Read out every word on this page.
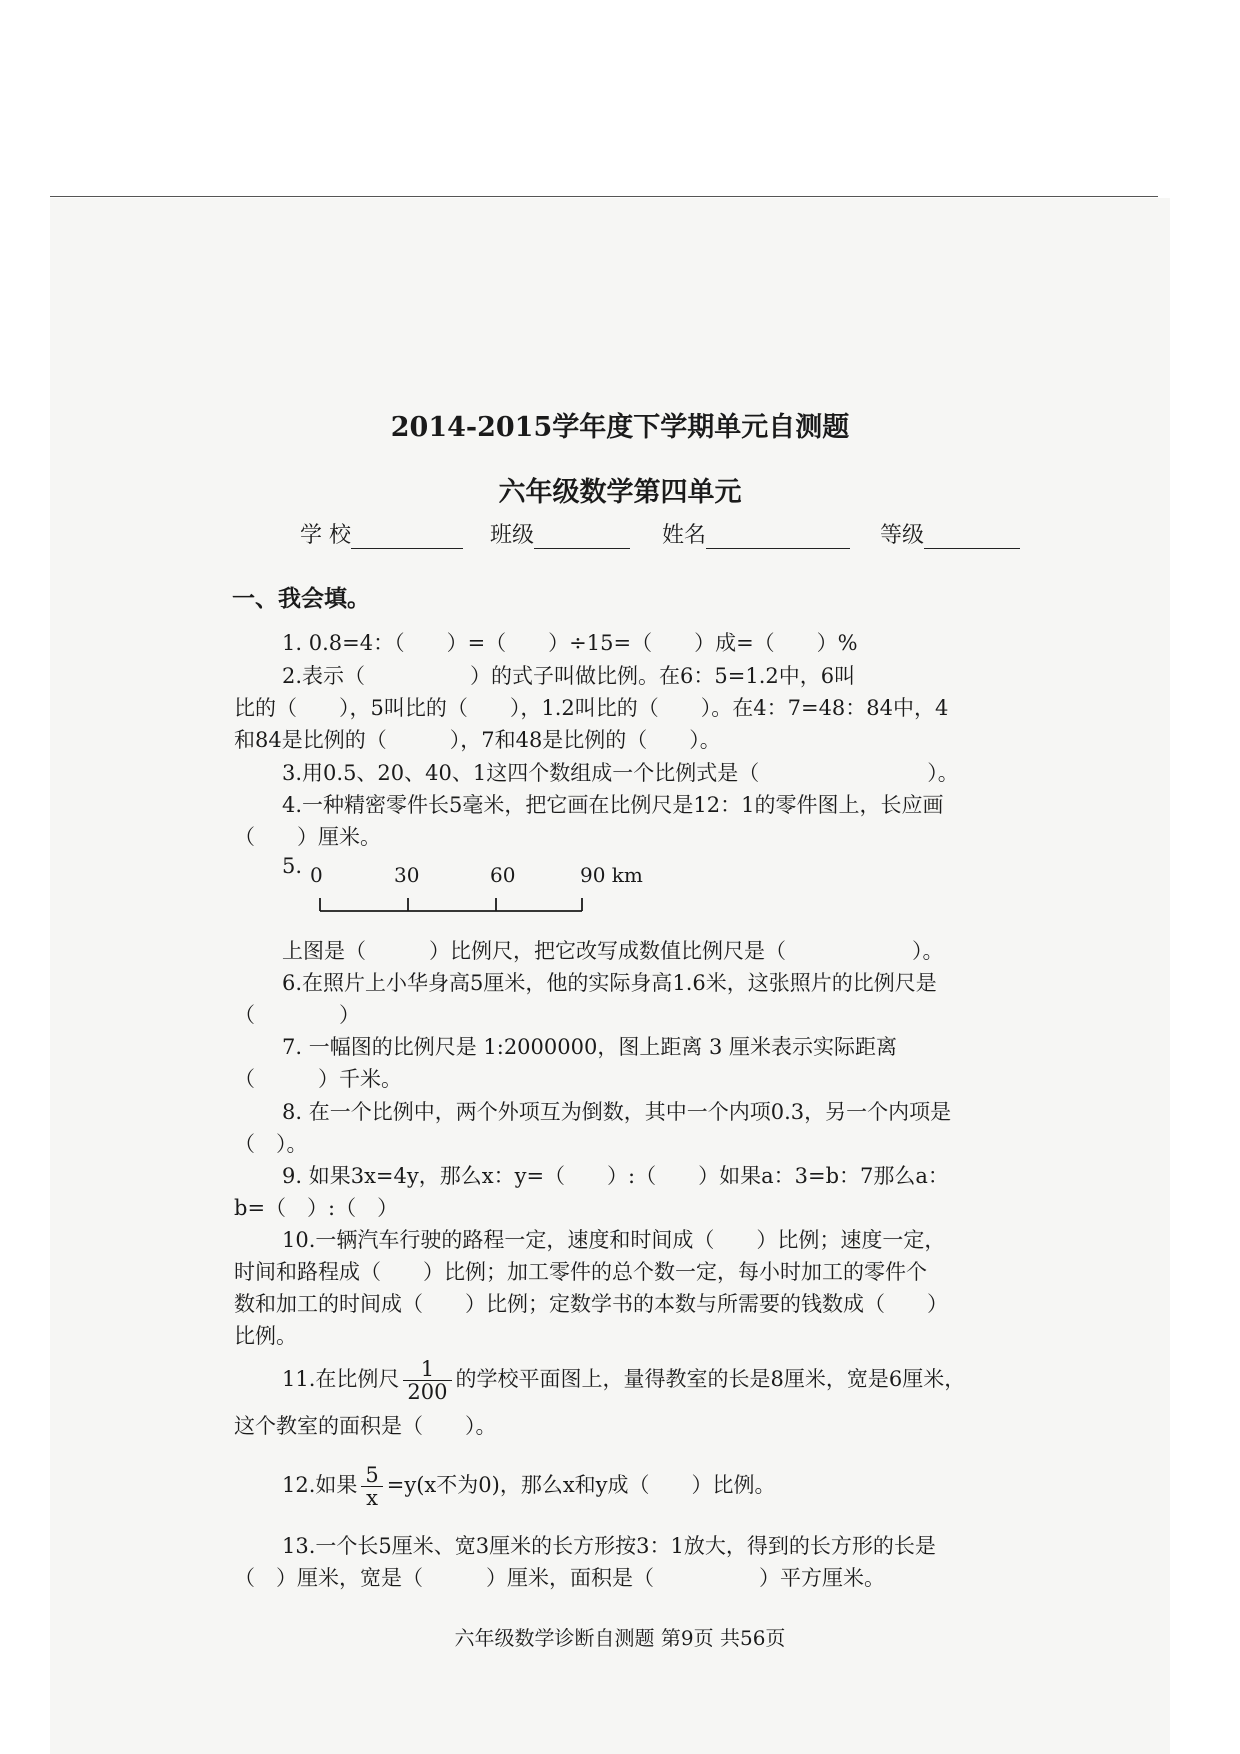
2014-2015学年度下学期单元自测题
六年级数学第四单元
学 校	班级	姓名	等级
一、我会填。
1. 0.8=4：（　　）=（　　）÷15=（　　）成=（　　）%
2.表示（　　　　　）的式子叫做比例。在6：5=1.2中，6叫
比的（　　），5叫比的（　　），1.2叫比的（　　）。在4：7=48：84中，4
和84是比例的（　　　），7和48是比例的（　　）。
3.用0.5、20、40、1这四个数组成一个比例式是（　　　　　　　　）。
4.一种精密零件长5毫米，把它画在比例尺是12：1的零件图上，长应画
（　　）厘米。
5. 0	30	60	90 km
上图是（　　　）比例尺，把它改写成数值比例尺是（　　　　　　）。
6.在照片上小华身高5厘米，他的实际身高1.6米，这张照片的比例尺是
（　　　　）
7. 一幅图的比例尺是 1:2000000，图上距离 3 厘米表示实际距离
（　　　）千米。
8. 在一个比例中，两个外项互为倒数，其中一个内项0.3，另一个内项是
（　）。
9. 如果3x=4y，那么x：y=（　　）:（　　）如果a：3=b：7那么a：
b=（　）:（　）
10.一辆汽车行驶的路程一定，速度和时间成（　　）比例；速度一定，
时间和路程成（　　）比例；加工零件的总个数一定，每小时加工的零件个
数和加工的时间成（　　）比例；定数学书的本数与所需要的钱数成（　　）
比例。
11.在比例尺 $\frac{1}{200}$ 的学校平面图上，量得教室的长是8厘米，宽是6厘米，
这个教室的面积是（　　）。
12.如果 $\frac{5}{x} =y(x$不为0)，那么x和y成（　　）比例。
13.一个长5厘米、宽3厘米的长方形按3：1放大，得到的长方形的长是
（　）厘米，宽是（　　　）厘米，面积是（　　　　　）平方厘米。
六年级数学诊断自测题 第9页 共56页
